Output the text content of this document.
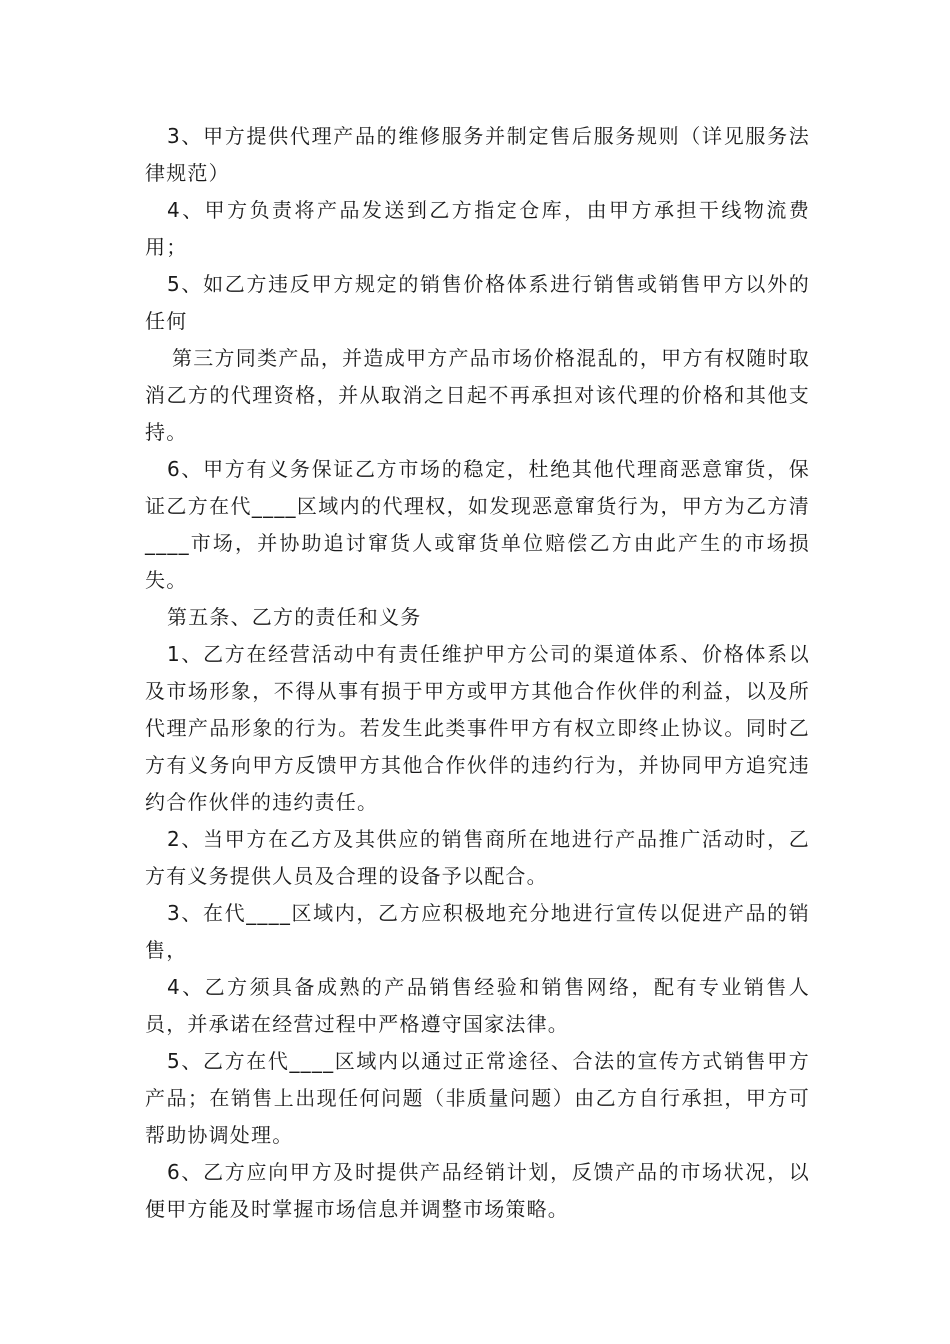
3、甲方提供代理产品的维修服务并制定售后服务规则（详见服务法律规范）

4、甲方负责将产品发送到乙方指定仓库，由甲方承担干线物流费用；

5、如乙方违反甲方规定的销售价格体系进行销售或销售甲方以外的任何

第三方同类产品，并造成甲方产品市场价格混乱的，甲方有权随时取消乙方的代理资格，并从取消之日起不再承担对该代理的价格和其他支持。

6、甲方有义务保证乙方市场的稳定，杜绝其他代理商恶意窜货，保证乙方在代____区域内的代理权，如发现恶意窜货行为，甲方为乙方清____市场，并协助追讨窜货人或窜货单位赔偿乙方由此产生的市场损失。

第五条、乙方的责任和义务

1、乙方在经营活动中有责任维护甲方公司的渠道体系、价格体系以及市场形象，不得从事有损于甲方或甲方其他合作伙伴的利益，以及所代理产品形象的行为。若发生此类事件甲方有权立即终止协议。同时乙方有义务向甲方反馈甲方其他合作伙伴的违约行为，并协同甲方追究违约合作伙伴的违约责任。

2、当甲方在乙方及其供应的销售商所在地进行产品推广活动时，乙方有义务提供人员及合理的设备予以配合。

3、在代____区域内，乙方应积极地充分地进行宣传以促进产品的销售，

4、乙方须具备成熟的产品销售经验和销售网络，配有专业销售人员，并承诺在经营过程中严格遵守国家法律。

5、乙方在代____区域内以通过正常途径、合法的宣传方式销售甲方产品；在销售上出现任何问题（非质量问题）由乙方自行承担，甲方可帮助协调处理。

6、乙方应向甲方及时提供产品经销计划，反馈产品的市场状况，以便甲方能及时掌握市场信息并调整市场策略。
